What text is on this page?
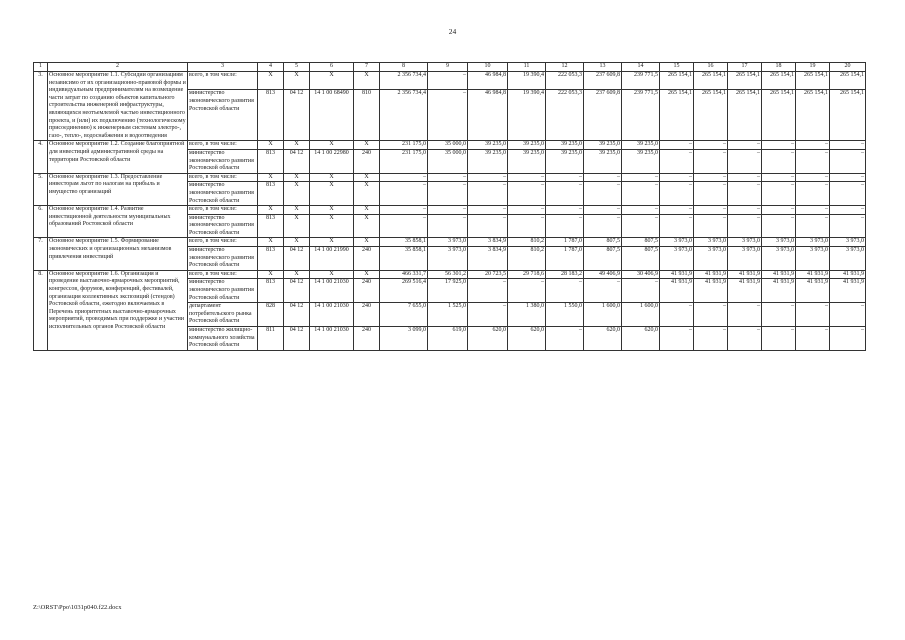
24
1	2	3	4	5	6	7	8	9	10	11	12	13	14	15	16	17	18	19	20
3.	Основное мероприятие 1.1. Субсидии организациям независимо от их организационно-правовой формы и индивидуальным предпринимателям на возмещение части затрат по созданию объектов капитального строительства инженерной инфраструктуры, являющихся неотъемлемой частью инвестиционного проекта, и (или) их подключению (технологическому присоединению) к инженерным системам электро-, газо-, тепло-, водоснабжения и водоотведения	всего, в том числе:	X	X	X	X	2 356 734,4	–	46 984,8	19 390,4	222 053,3	237 609,8	239 771,5	265 154,1	265 154,1	265 154,1	265 154,1	265 154,1	265 154,1
		министерство экономического развития Ростовской области	813	04 12	14 1 00 68490	810	2 356 734,4	–	46 984,8	19 390,4	222 053,3	237 609,8	239 771,5	265 154,1	265 154,1	265 154,1	265 154,1	265 154,1	265 154,1
4.	Основное мероприятие 1.2. Создание благоприятной для инвестиций административной среды на территории Ростовской области	всего, в том числе:	X	X	X	X	231 175,0	35 000,0	39 235,0	39 235,0	39 235,0	39 235,0	39 235,0	–	–	–	–	–	–
		министерство экономического развития Ростовской области	813	04 12	14 1 00 22980	240	231 175,0	35 000,0	39 235,0	39 235,0	39 235,0	39 235,0	39 235,0	–	–	–	–	–	–
5.	Основное мероприятие 1.3. Предоставление инвесторам льгот по налогам на прибыль и имущество организаций	всего, в том числе:	X	X	X	X	–	–	–	–	–	–	–	–	–	–	–	–	–
		министерство экономического развития Ростовской области	813	X	X	X	–	–	–	–	–	–	–	–	–	–	–	–	–
6.	Основное мероприятие 1.4. Развитие инвестиционной деятельности муниципальных образований Ростовской области	всего, в том числе:	X	X	X	X	–	–	–	–	–	–	–	–	–	–	–	–	–
		министерство экономического развития Ростовской области	813	X	X	X	–	–	–	–	–	–	–	–	–	–	–	–	–
7.	Основное мероприятие 1.5. Формирование экономических и организационных механизмов привлечения инвестиций	всего, в том числе:	X	X	X	X	35 858,1	3 973,0	3 834,9	810,2	1 787,0	807,5	807,5	3 973,0	3 973,0	3 973,0	3 973,0	3 973,0	3 973,0
		министерство экономического развития Ростовской области	813	04 12	14 1 00 21990	240	35 858,1	3 973,0	3 834,9	810,2	1 787,0	807,5	807,5	3 973,0	3 973,0	3 973,0	3 973,0	3 973,0	3 973,0
8.	Основное мероприятие 1.6. Организация и проведение выставочно-ярмарочных мероприятий, конгрессов, форумов, конференций, фестивалей, организация коллективных экспозиций (стендов) Ростовской области, ежегодно включаемых в Перечень приоритетных выставочно-ярмарочных мероприятий, проводимых при поддержке и участии исполнительных органов Ростовской области	всего, в том числе:	X	X	X	X	466 331,7	56 301,2	20 723,5	29 718,6	28 183,2	49 406,9	30 406,9	41 931,9	41 931,9	41 931,9	41 931,9	41 931,9	41 931,9
		министерство экономического развития Ростовской области	813	04 12	14 1 00 21030	240	269 516,4	17 925,0	–	–	–	–	–	41 931,9	41 931,9	41 931,9	41 931,9	41 931,9	41 931,9
		департамент потребительского рынка Ростовской области	828	04 12	14 1 00 21030	240	7 655,0	1 525,0	–	1 380,0	1 550,0	1 600,0	1 600,0	–	–	–	–	–	–
		министерство жилищно-коммунального хозяйства Ростовской области	811	04 12	14 1 00 21030	240	3 099,0	619,0	620,0	620,0	–	620,0	620,0	–	–	–	–	–	–
Z:\ORST\Ppo\1031p040.f22.docx
